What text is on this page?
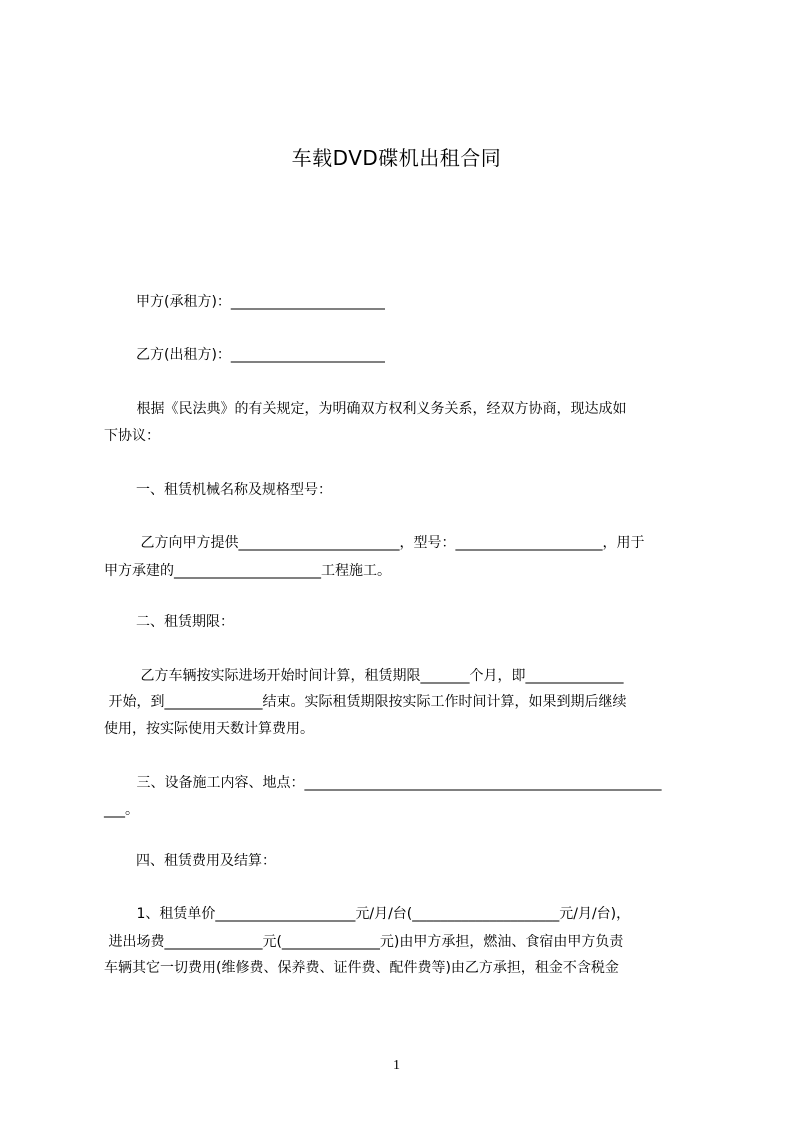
车载DVD碟机出租合同
甲方(承租方)：______________________
乙方(出租方)：______________________
根据《民法典》的有关规定，为明确双方权利义务关系，经双方协商，现达成如
下协议：
一、租赁机械名称及规格型号：
乙方向甲方提供_______________________，型号：_____________________，用于
甲方承建的_____________________工程施工。
二、租赁期限：
乙方车辆按实际进场开始时间计算，租赁期限_______个月，即______________
开始，到______________结束。实际租赁期限按实际工作时间计算，如果到期后继续
使用，按实际使用天数计算费用。
三、设备施工内容、地点：___________________________________________________
___。
四、租赁费用及结算：
1、租赁单价____________________元/月/台(_____________________元/月/台)，
进出场费______________元(______________元)由甲方承担，燃油、食宿由甲方负责
车辆其它一切费用(维修费、保养费、证件费、配件费等)由乙方承担，租金不含税金
1
